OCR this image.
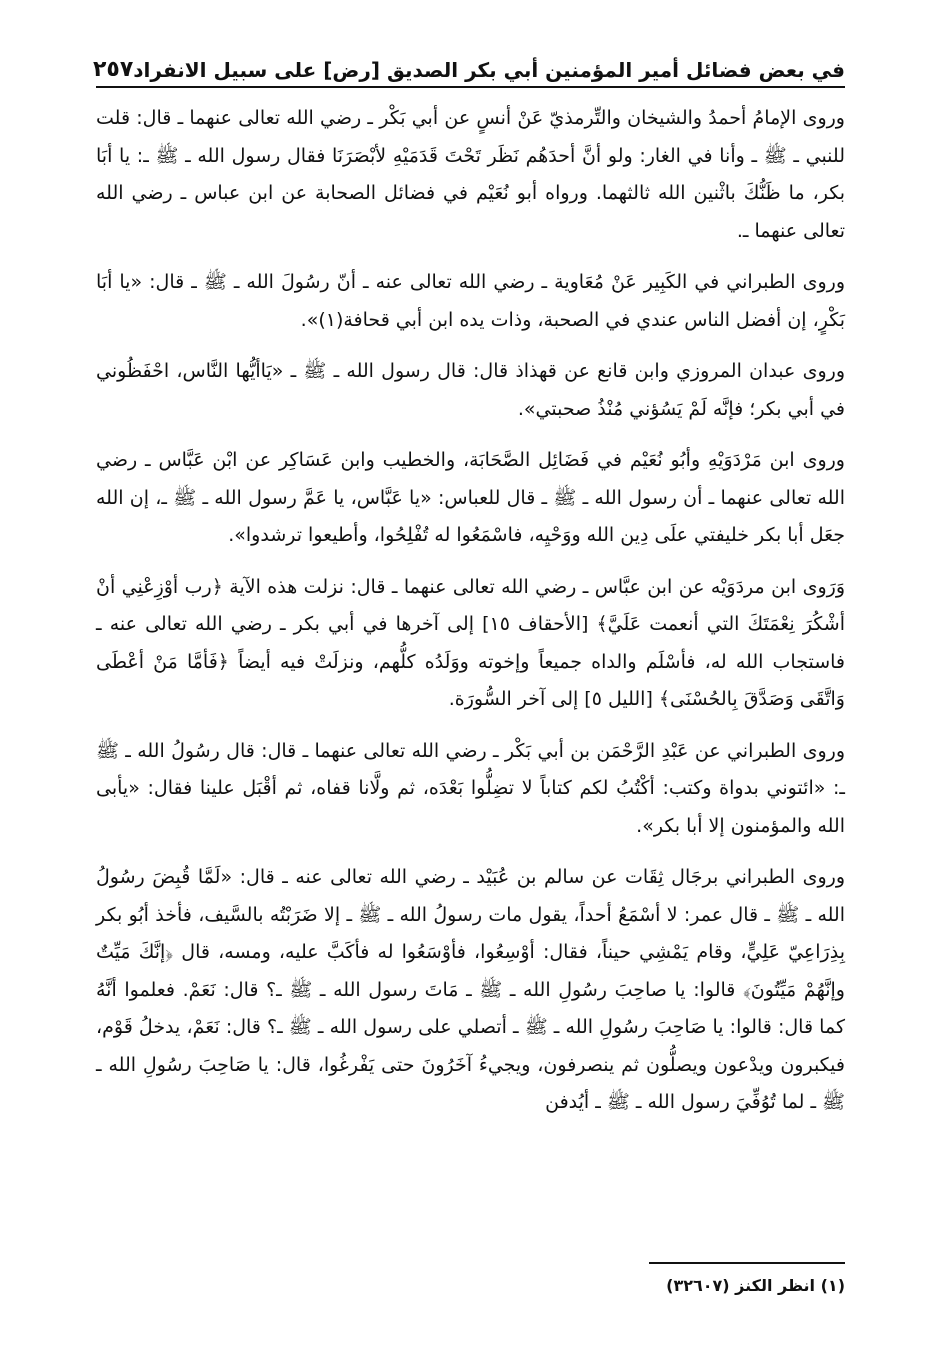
في بعض فضائل أمير المؤمنين أبي بكر الصديق [رض] على سبيل الانفراد
٢٥٧

وروى الإمامُ أحمدُ والشيخان والتِّرمذيّ عَنْ أنسٍ عن أبي بَكْر ـ رضي الله تعالى عنهما ـ قال: قلت للنبي ـ ﷺ ـ وأنا في الغار: ولو أنَّ أحدَهُم نَظَر تَحْتَ قَدَمَيْهِ لأبْصَرَنَا فقال رسول الله ـ ﷺ ـ: يا أبَا بكر، ما ظَنُّكَ باثْنين الله ثالثهما. ورواه أبو نُعَيْم في فضائل الصحابة عن ابن عباس ـ رضي الله تعالى عنهما ـ.

وروى الطبراني في الكَبِير عَنْ مُعَاوية ـ رضي الله تعالى عنه ـ أنّ رسُولَ الله ـ ﷺ ـ قال: «يا أبَا بَكْرٍ، إن أفضل الناس عندي في الصحبة، وذات يده ابن أبي قحافة(١)».

وروى عبدان المروزي وابن قانع عن قهذاذ قال: قال رسول الله ـ ﷺ ـ «يَاأيُّها النَّاس، احْفَظُوني في أبي بكر؛ فإنَّه لَمْ يَسُؤني مُنْذُ صحبتي».

وروى ابن مَرْدَوَيْهِ وأبُو نُعَيْم في فَضَائِل الصَّحَابَة، والخطيب وابن عَسَاكِر عن ابْن عَبَّاس ـ رضي الله تعالى عنهما ـ أن رسول الله ـ ﷺ ـ قال للعباس: «يا عَبَّاس، يا عَمَّ رسول الله ـ ﷺ ـ، إن الله جعَل أبا بكر خليفتي علَى دِين الله ووَحْيِه، فاسْمَعُوا له تُفْلِحُوا، وأطيعوا ترشدوا».

وَرَوى ابن مردَوَيْه عن ابن عبَّاس ـ رضي الله تعالى عنهما ـ قال: نزلت هذه الآية ﴿رب أوْزِعْنِي أنْ أشْكُرَ نِعْمَتَكَ التي أنعمت عَلَيَّ﴾ [الأحقاف ١٥] إلى آخرها في أبي بكر ـ رضي الله تعالى عنه ـ فاستجاب الله له، فأسْلَم والداه جميعاً وإخوته ووَلَدُه كلُّهم، ونزلَتْ فيه أيضاً ﴿فَأمَّا مَنْ أعْطَى وَاتَّقَى وَصَدَّقَ بِالحُسْنَى﴾ [الليل ٥] إلى آخر السُّورَة.

وروى الطبراني عن عَبْدِ الرَّحْمَن بن أبي بَكْر ـ رضي الله تعالى عنهما ـ قال: قال رسُولُ الله ـ ﷺ ـ: «ائتوني بدواة وكتب: أكْتُبُ لكم كتاباً لا تضِلُّوا بَعْدَه، ثم ولَّانا قفاه، ثم أقْبَل علينا فقال: «يأبى الله والمؤمنون إلا أبا بكر».

وروى الطبراني برجَال ثِقَات عن سالم بن عُبَيْد ـ رضي الله تعالى عنه ـ قال: «لَمَّا قُبِضَ رسُولُ الله ـ ﷺ ـ قال عمر: لا أسْمَعُ أحداً، يقول مات رسولُ الله ـ ﷺ ـ إلا ضَرَبْتُه بالسَّيف، فأخذ أبُو بكر بِذِرَاعِيّ عَلِيٍّ، وقام يَمْشِي حيناً، فقال: أوْسِعُوا، فأوْسَعُوا له فأكَبَّ عليه، ومسه، قال ﴿إنَّكَ مَيِّتٌ وإنَّهُمْ مَيِّتُونَ﴾ قالوا: يا صاحِبَ رسُولِ الله ـ ﷺ ـ مَاتَ رسول الله ـ ﷺ ـ؟ قال: نَعَمْ. فعلموا أنَّهُ كما قال: قالوا: يا صَاحِبَ رسُولِ الله ـ ﷺ ـ أتصلي على رسول الله ـ ﷺ ـ؟ قال: نَعَمْ، يدخلُ قَوْم، فيكبرون ويدْعون ويصلُّون ثم ينصرفون، ويجيءُ آخَرُونَ حتى يَفْرغُوا، قال: يا صَاحِبَ رسُولِ الله ـ ﷺ ـ لما تُوُفِّيَ رسول الله ـ ﷺ ـ أيُدفن

(١) انظر الكنز (٣٢٦٠٧)
